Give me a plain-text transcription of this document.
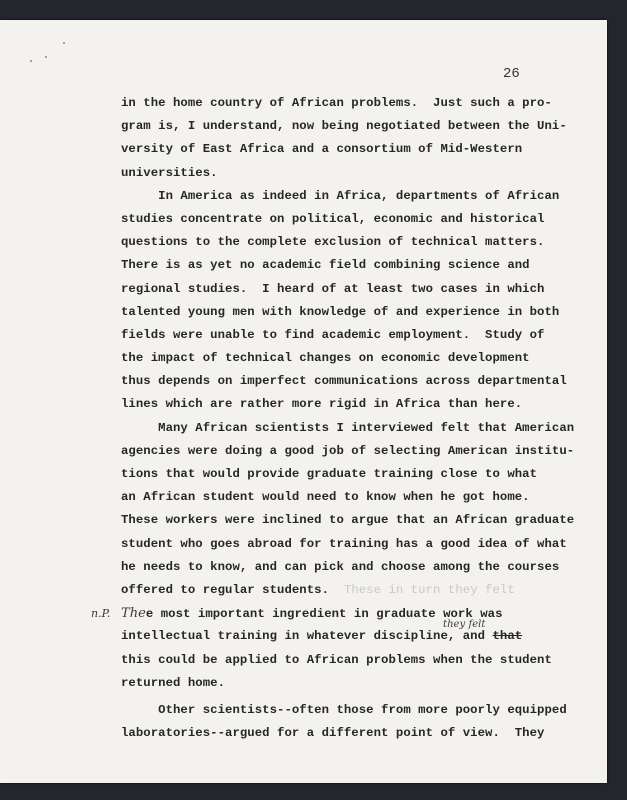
26
in the home country of African problems.  Just such a pro-
gram is, I understand, now being negotiated between the Uni-
versity of East Africa and a consortium of Mid-Western
universities.
In America as indeed in Africa, departments of African
studies concentrate on political, economic and historical
questions to the complete exclusion of technical matters.
There is as yet no academic field combining science and
regional studies.  I heard of at least two cases in which
talented young men with knowledge of and experience in both
fields were unable to find academic employment.  Study of
the impact of technical changes on economic development
thus depends on imperfect communications across departmental
lines which are rather more rigid in Africa than here.
Many African scientists I interviewed felt that American
agencies were doing a good job of selecting American institu-
tions that would provide graduate training close to what
an African student would need to know when he got home.
These workers were inclined to argue that an African graduate
student who goes abroad for training has a good idea of what
he needs to know, and can pick and choose among the courses
offered to regular students.  These in turn they felt
n.P. Thee most important ingredient in graduate work was
intellectual training in whatever discipline, and that
they felt
this could be applied to African problems when the student
returned home.
Other scientists--often those from more poorly equipped
laboratories--argued for a different point of view.  They
